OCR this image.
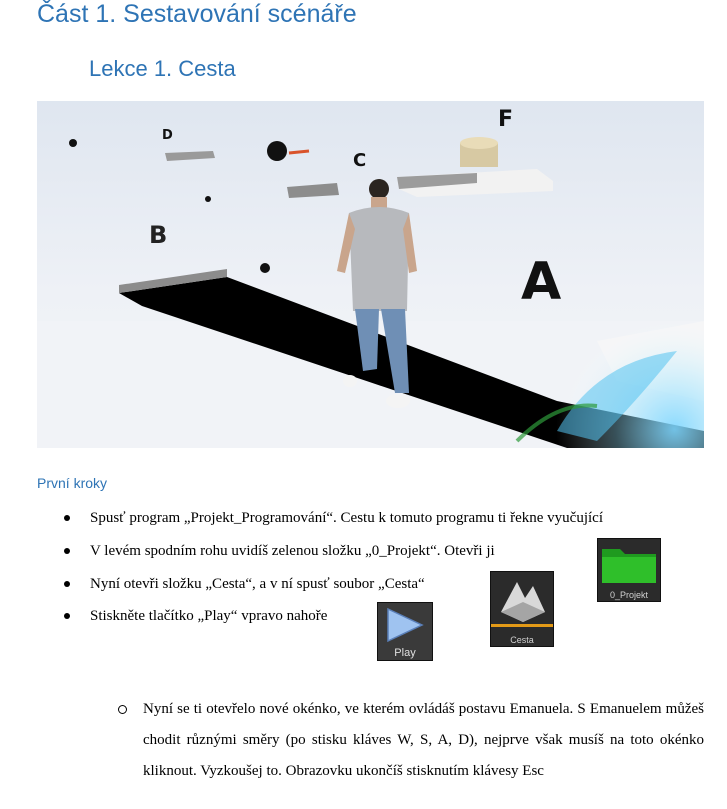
Část 1. Sestavování scénáře
Lekce 1. Cesta
D
C
F
B
A
První kroky
Spusť program „Projekt_Programování“. Cestu k tomuto programu ti řekne vyučující
V levém spodním rohu uvidíš zelenou složku „0_Projekt“. Otevři ji
Nyní otevři složku „Cesta“, a v ní spusť soubor „Cesta“
Stiskněte tlačítko „Play“ vpravo nahoře
0_Projekt
Cesta
Play
Nyní se ti otevřelo nové okénko, ve kterém ovládáš postavu Emanuela. S Emanuelem můžeš chodit různými směry (po stisku kláves W, S, A, D), nejprve však musíš na toto okénko kliknout. Vyzkoušej to. Obrazovku ukončíš stisknutím klávesy Esc
